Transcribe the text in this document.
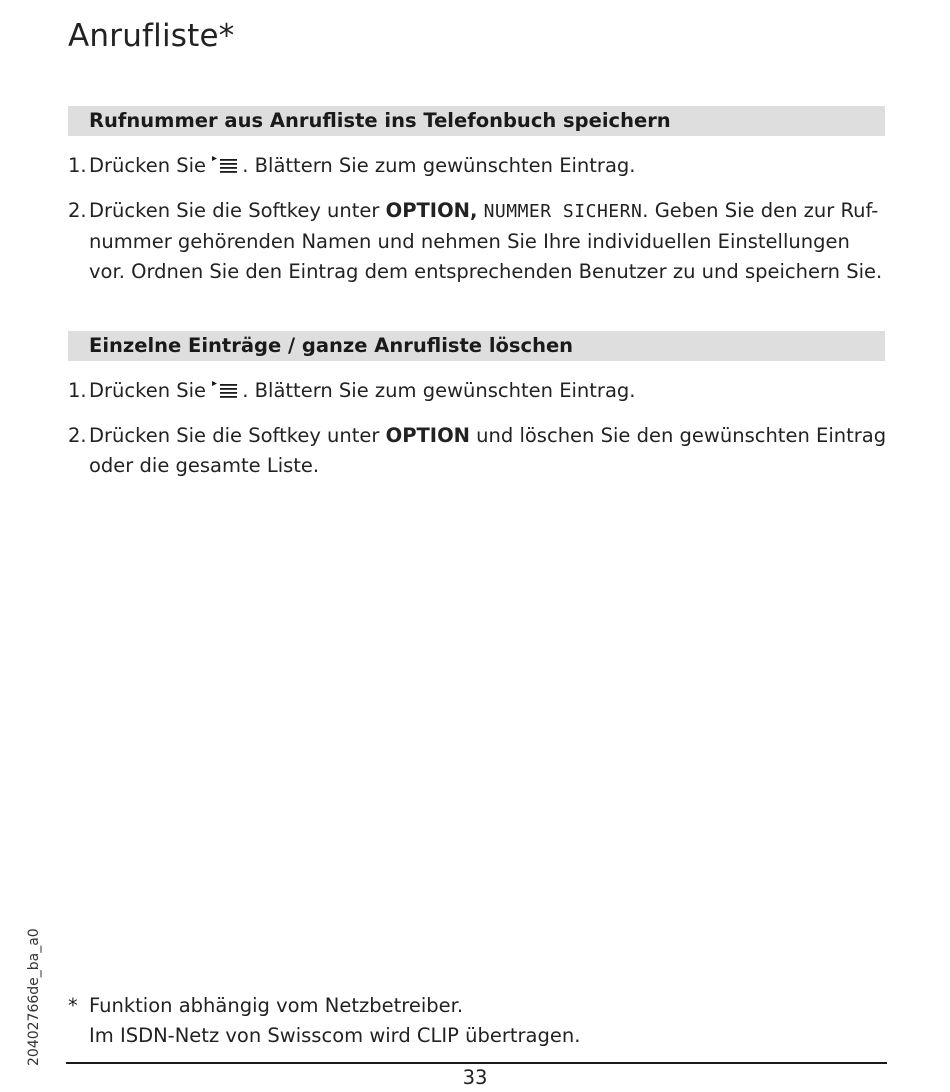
Anrufliste*
Rufnummer aus Anrufliste ins Telefonbuch speichern
1. Drücken Sie . Blättern Sie zum gewünschten Eintrag.
2. Drücken Sie die Softkey unter OPTION, NUMMER SICHERN. Geben Sie den zur Ruf-nummer gehörenden Namen und nehmen Sie Ihre individuellen Einstellungen vor. Ordnen Sie den Eintrag dem entsprechenden Benutzer zu und speichern Sie.
Einzelne Einträge / ganze Anrufliste löschen
1. Drücken Sie . Blättern Sie zum gewünschten Eintrag.
2. Drücken Sie die Softkey unter OPTION und löschen Sie den gewünschten Eintrag oder die gesamte Liste.
* Funktion abhängig vom Netzbetreiber.
Im ISDN-Netz von Swisscom wird CLIP übertragen.
33
20402766de_ba_a0
